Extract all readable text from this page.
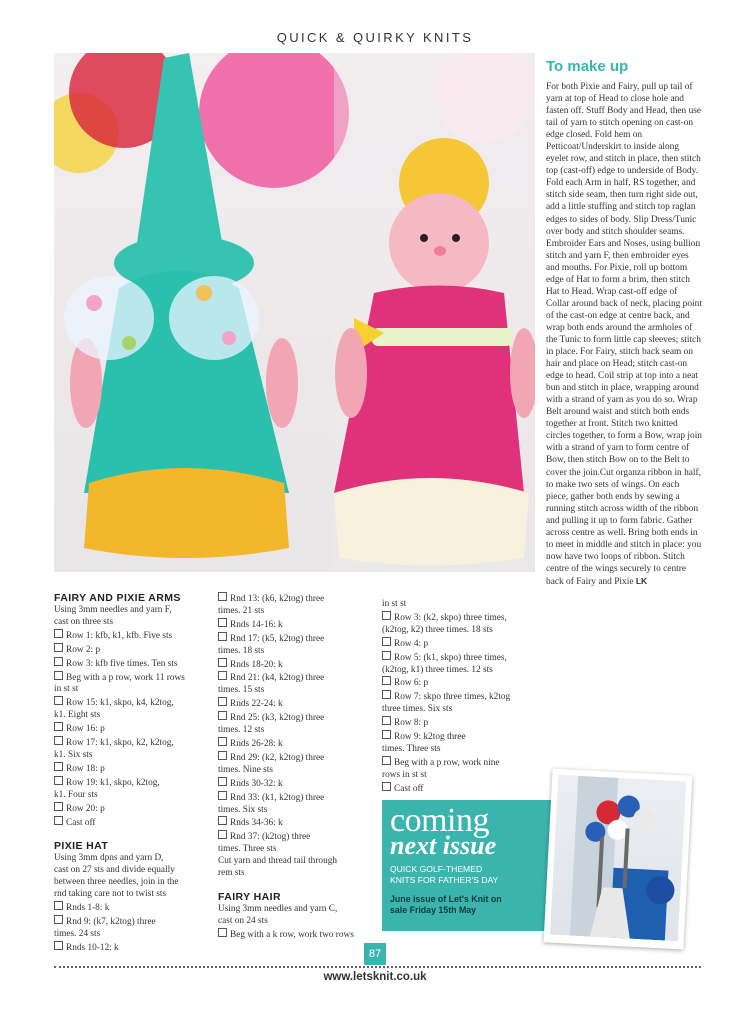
QUICK & QUIRKY KNITS
To make up

For both Pixie and Fairy, pull up tail of yarn at top of Head to close hole and fasten off. Stuff Body and Head, then use tail of yarn to stitch opening on cast-on edge closed. Fold hem on Petticoat/Underskirt to inside along eyelet row, and stitch in place, then stitch top (cast-off) edge to underside of Body. Fold each Arm in half, RS together, and stitch side seam, then turn right side out, add a little stuffing and stitch top raglan edges to sides of body. Slip Dress/Tunic over body and stitch shoulder seams. Embroider Ears and Noses, using bullion stitch and yarn F, then embroider eyes and mouths. For Pixie, roll up bottom edge of Hat to form a brim, then stitch Hat to Head. Wrap cast-off edge of Collar around back of neck, placing point of the cast-on edge at centre back, and wrap both ends around the armholes of the Tunic to form little cap sleeves; stitch in place. For Fairy, stitch back seam on hair and place on Head; stitch cast-on edge to head. Coil strip at top into a neat bun and stitch in place, wrapping around with a strand of yarn as you do so. Wrap Belt around waist and stitch both ends together at front. Stitch two knitted circles together, to form a Bow, wrap join with a strand of yarn to form centre of Bow, then stitch Bow on to the Belt to cover the join.Cut organza ribbon in half, to make two sets of wings. On each piece, gather both ends by sewing a running stitch across width of the ribbon and pulling it up to form fabric. Gather across centre as well. Bring both ends in to meet in middle and stitch in place: you now have two loops of ribbon. Stitch centre of the wings securely to centre back of Fairy and Pixie LK

FAIRY AND PIXIE ARMS
Using 3mm needles and yarn F,
cast on three sts
Row 1: kfb, k1, kfb. Five sts
Row 2: p
Row 3: kfb five times. Ten sts
Beg with a p row, work 11 rows
in st st
Row 15: k1, skpo, k4, k2tog,
k1. Eight sts
Row 16: p
Row 17: k1, skpo, k2, k2tog,
k1. Six sts
Row 18: p
Row 19: k1, skpo, k2tog,
k1. Four sts
Row 20: p
Cast off
PIXIE HAT
Using 3mm dpns and yarn D,
cast on 27 sts and divide equally
between three needles, join in the
rnd taking care not to twist sts
Rnds 1-8: k
Rnd 9: (k7, k2tog) three
times. 24 sts
Rnds 10-12: k
Rnd 13: (k6, k2tog) three
times. 21 sts
Rnds 14-16: k
Rnd 17: (k5, k2tog) three
times. 18 sts
Rnds 18-20: k
Rnd 21: (k4, k2tog) three
times. 15 sts
Rnds 22-24: k
Rnd 25: (k3, k2tog) three
times. 12 sts
Rnds 26-28: k
Rnd 29: (k2, k2tog) three
times. Nine sts
Rnds 30-32: k
Rnd 33: (k1, k2tog) three
times. Six sts
Rnds 34-36: k
Rnd 37: (k2tog) three
times. Three sts
Cut yarn and thread tail through
rem sts
FAIRY HAIR
Using 3mm needles and yarn C,
cast on 24 sts
Beg with a k row, work two rows
in st st
Row 3: (k2, skpo) three times,
(k2tog, k2) three times. 18 sts
Row 4: p
Row 5: (k1, skpo) three times,
(k2tog, k1) three times. 12 sts
Row 6: p
Row 7: skpo three times, k2tog
three times. Six sts
Row 8: p
Row 9: k2tog three
times. Three sts
Beg with a p row, work nine
rows in st st
Cast off
coming
next issue
QUICK GOLF-THEMED
KNITS FOR FATHER'S DAY
June issue of Let's Knit on
sale Friday 15th May
87
www.letsknit.co.uk
